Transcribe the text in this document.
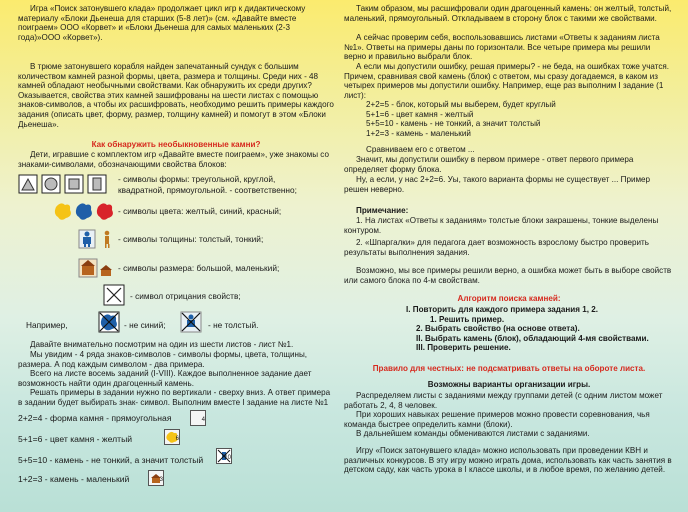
Игра «Поиск затонувшего клада» продолжает цикл игр к дидактическому материалу «Блоки Дьенеша для старших (5-8 лет)» (см. «Давайте вместе поиграем» ООО «Корвет» и «Блоки Дьенеша для самых маленьких (2-3 года)»ООО «Корвет»).

В трюме затонувшего корабля найден запечатанный сундук с большим количеством камней разной формы, цвета, размера и толщины. Среди них - 48 камней обладают необычными свойствами. Как обнаружить их среди других? Оказывается, свойства этих камней зашифрованы на шести листах с помощью знаков-символов, а чтобы их расшифровать, необходимо решить примеры каждого задания (описать цвет, форму, размер, толщину камней) и помогут в этом «Блоки Дьенеша».

Как обнаружить необыкновенные камни?

Дети, игравшие с комплектом игр «Давайте вместе поиграем», уже знакомы со знаками-символами, обозначающими свойства блоков:

- символы формы: треугольной, круглой,
квадратной, прямоугольной. - соответственно;
- символы цвета: желтый, синий, красный;
- символы толщины: толстый, тонкий;
- символы размера: большой, маленький;
- символ отрицания свойств;
Например,	- не синий;	- не толстый.

Давайте внимательно посмотрим на один из шести листов - лист №1.

Мы увидим - 4 ряда знаков-символов - символы формы, цвета, толщины, размера. А под каждым символом - два примера.

Всего на листе восемь заданий (I-VIII). Каждое выполненное задание дает возможность найти один драгоценный камень.

Решать примеры в задании нужно по вертикали - сверху вниз. А ответ примера в задании будет выбирать знак- символ. Выполним вместе I задание на листе №1

2+2=4 - форма камня - прямоугольная	4
5+1=6 - цвет камня - желтый	6
5+5=10 - камень - не тонкий, а значит толстый	10
1+2=3 - камень - маленький	3

Таким образом, мы расшифровали один драгоценный камень: он желтый, толстый, маленький, прямоугольный. Откладываем в сторону блок с такими же свойствами.

А сейчас проверим себя, воспользовавшись листами «Ответы к заданиям листа №1». Ответы на примеры даны по горизонтали. Все четыре примера мы решили верно и правильно выбрали блок.

А если мы допустили ошибку, решая примеры? - не беда, на ошибках тоже учатся. Причем, сравнивая свой камень (блок) с ответом, мы сразу догадаемся, в каком из четырех примеров мы допустили ошибку. Например, еще раз выполним I задание (1 лист):

2+2=5 - блок, который мы выберем, будет круглый
5+1=6 - цвет камня - желтый
5+5=10 - камень - не тонкий, а значит толстый
1+2=3 - камень - маленький

Сравниваем его с ответом ...

Значит, мы допустили ошибку в первом примере - ответ первого примера определяет форму блока.

Ну, а если, у нас 2+2=6. Уы, такого варианта формы не существует ... Пример решен неверно.

Примечание:

1. На листах «Ответы к заданиям» толстые блоки закрашены, тонкие выделены контуром.

2. «Шпаргалки» для педагога дает возможность взрослому быстро проверить результаты выполнения задания.

Возможно, мы все примеры решили верно, а ошибка может быть в выборе свойств или самого блока по 4-м свойствам.

Алгоритм поиска камней:

I. Повторить для каждого примера задания 1, 2.
1. Решить пример.
2. Выбрать свойство (на основе ответа).
II. Выбрать камень (блок), обладающий 4-мя свойствами.
III. Проверить решение.

Правило для честных: не подсматривать ответы на обороте листа.

Возможны варианты организации игры.

Распределяем листы с заданиями между группами детей (с одним листом может работать 2, 4, 8 человек.

При хороших навыках решение примеров можно провести соревнования, чья команда быстрее определить камни (блоки).

В дальнейшем команды обмениваются листами с заданиями.

Игру «Поиск затонувшего клада» можно использовать при проведении КВН и различных конкурсов. В эту игру можно играть дома, использовать как часть занятия в детском саду, как часть урока в I классе школы, и в любое время, по желанию детей.
